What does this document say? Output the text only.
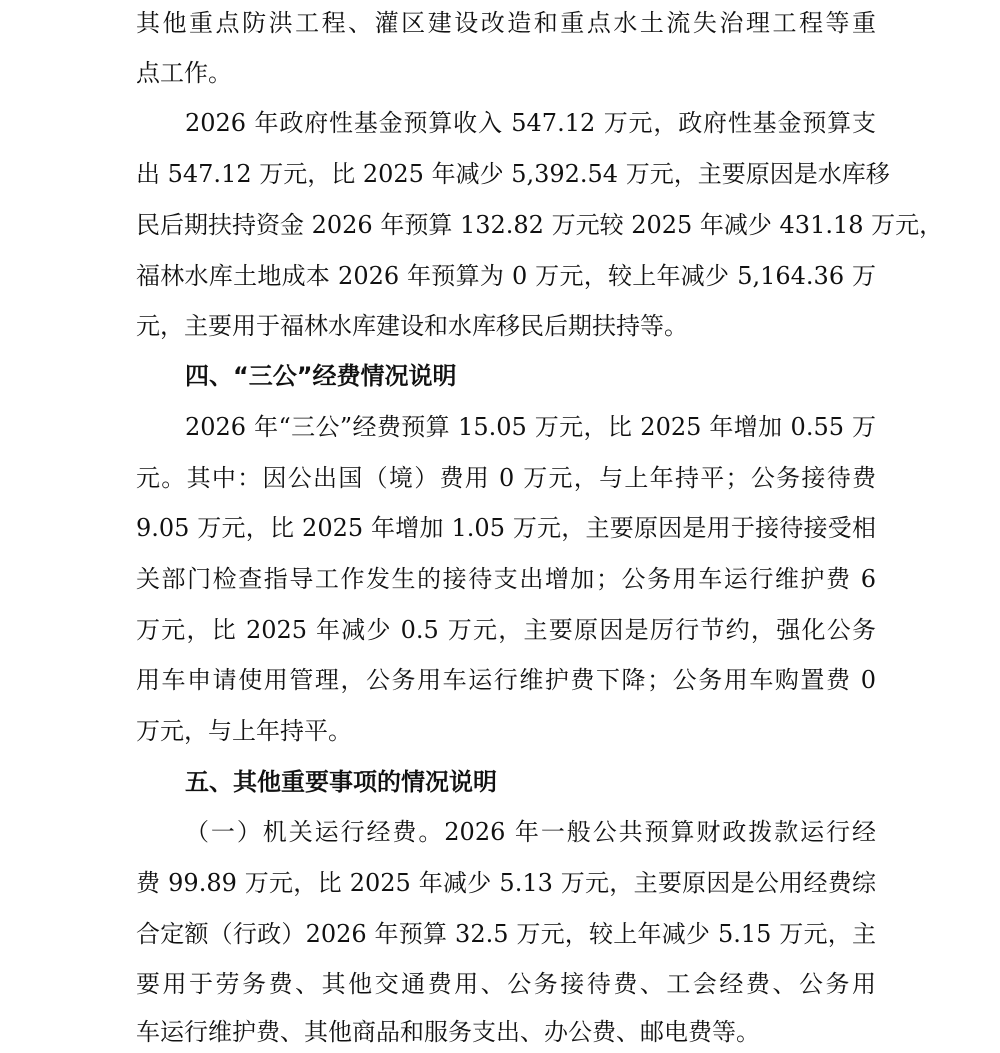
其他重点防洪工程、灌区建设改造和重点水土流失治理工程等重
点工作。
2026 年政府性基金预算收入 547.12 万元，政府性基金预算支
出 547.12 万元，比 2025 年减少 5,392.54 万元，主要原因是水库移
民后期扶持资金 2026 年预算 132.82 万元较 2025 年减少 431.18 万元，
福林水库土地成本 2026 年预算为 0 万元，较上年减少 5,164.36 万
元，主要用于福林水库建设和水库移民后期扶持等。
四、“三公”经费情况说明
2026 年“三公”经费预算 15.05 万元，比 2025 年增加 0.55 万
元。其中：因公出国（境）费用 0 万元，与上年持平；公务接待费
9.05 万元，比 2025 年增加 1.05 万元，主要原因是用于接待接受相
关部门检查指导工作发生的接待支出增加；公务用车运行维护费 6
万元，比 2025 年减少 0.5 万元，主要原因是厉行节约，强化公务
用车申请使用管理，公务用车运行维护费下降；公务用车购置费 0
万元，与上年持平。
五、其他重要事项的情况说明
（一）机关运行经费。2026 年一般公共预算财政拨款运行经
费 99.89 万元，比 2025 年减少 5.13 万元，主要原因是公用经费综
合定额（行政）2026 年预算 32.5 万元，较上年减少 5.15 万元，主
要用于劳务费、其他交通费用、公务接待费、工会经费、公务用
车运行维护费、其他商品和服务支出、办公费、邮电费等。
